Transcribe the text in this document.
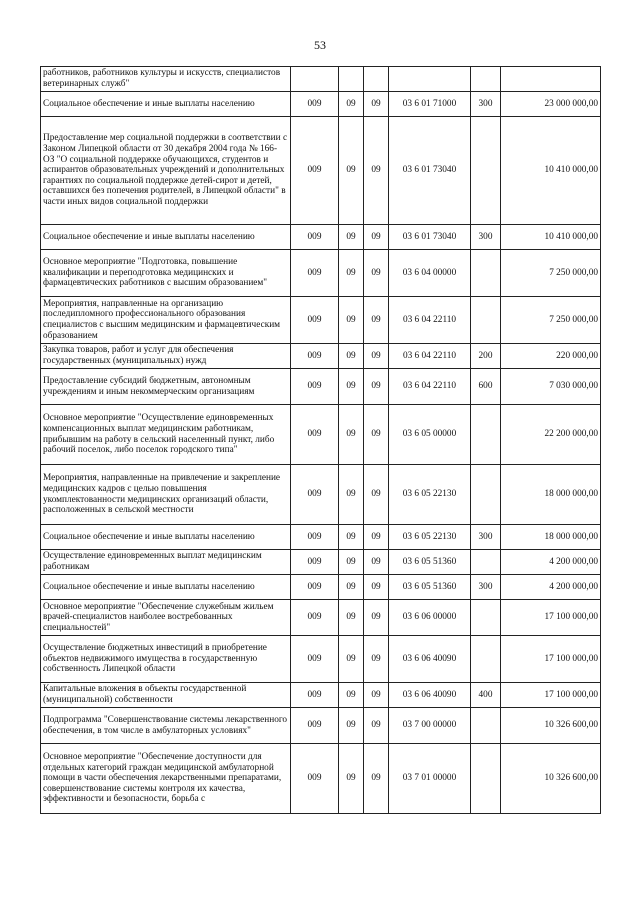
53
работников, работников культуры и искусств, специалистов ветеринарных служб"						
Социальное обеспечение и иные выплаты населению	009	09	09	03 6 01 71000	300	23 000 000,00
Предоставление мер социальной поддержки в соответствии с Законом Липецкой области от 30 декабря 2004 года № 166-ОЗ "О социальной поддержке обучающихся, студентов и аспирантов образовательных учреждений и дополнительных гарантиях по социальной поддержке детей-сирот и детей, оставшихся без попечения родителей, в Липецкой области" в части иных видов социальной поддержки	009	09	09	03 6 01 73040		10 410 000,00
Социальное обеспечение и иные выплаты населению	009	09	09	03 6 01 73040	300	10 410 000,00
Основное мероприятие "Подготовка, повышение квалификации и переподготовка медицинских и фармацевтических работников с высшим образованием"	009	09	09	03 6 04 00000		7 250 000,00
Мероприятия, направленные на организацию последипломного профессионального образования специалистов с высшим медицинским и фармацевтическим образованием	009	09	09	03 6 04 22110		7 250 000,00
Закупка товаров, работ и услуг для обеспечения государственных (муниципальных) нужд	009	09	09	03 6 04 22110	200	220 000,00
Предоставление субсидий бюджетным, автономным учреждениям и иным некоммерческим организациям	009	09	09	03 6 04 22110	600	7 030 000,00
Основное мероприятие "Осуществление единовременных компенсационных выплат медицинским работникам, прибывшим на работу в сельский населенный пункт, либо рабочий поселок, либо поселок городского типа"	009	09	09	03 6 05 00000		22 200 000,00
Мероприятия, направленные на привлечение и закрепление медицинских кадров с целью повышения укомплектованности медицинских организаций области, расположенных в сельской местности	009	09	09	03 6 05 22130		18 000 000,00
Социальное обеспечение и иные выплаты населению	009	09	09	03 6 05 22130	300	18 000 000,00
Осуществление единовременных выплат медицинским работникам	009	09	09	03 6 05 51360		4 200 000,00
Социальное обеспечение и иные выплаты населению	009	09	09	03 6 05 51360	300	4 200 000,00
Основное мероприятие "Обеспечение служебным жильем врачей-специалистов наиболее востребованных специальностей"	009	09	09	03 6 06 00000		17 100 000,00
Осуществление бюджетных инвестиций в приобретение объектов недвижимого имущества в государственную собственность Липецкой области	009	09	09	03 6 06 40090		17 100 000,00
Капитальные вложения в объекты государственной (муниципальной) собственности	009	09	09	03 6 06 40090	400	17 100 000,00
Подпрограмма "Совершенствование системы лекарственного обеспечения, в том числе в амбулаторных условиях"	009	09	09	03 7 00 00000		10 326 600,00
Основное мероприятие "Обеспечение доступности для отдельных категорий граждан медицинской амбулаторной помощи в части обеспечения лекарственными препаратами, совершенствование системы контроля их качества, эффективности и безопасности, борьба с	009	09	09	03 7 01 00000		10 326 600,00
